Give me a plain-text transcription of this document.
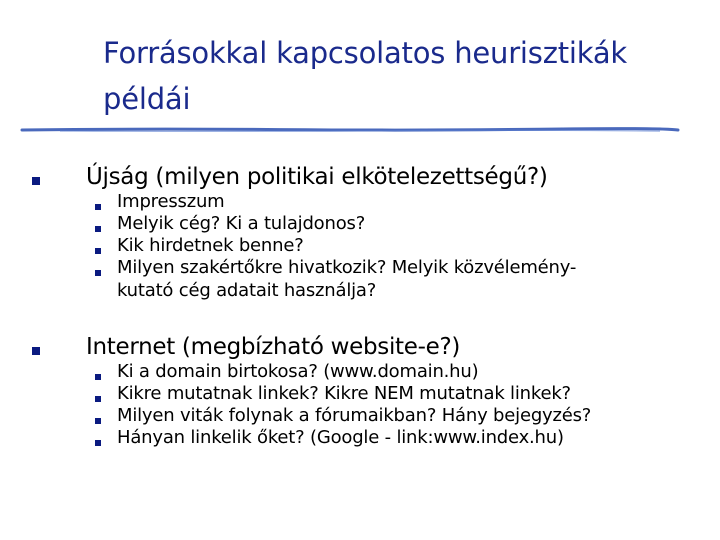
Forrásokkal kapcsolatos heurisztikák
példái
Újság (milyen politikai elkötelezettségű?)
Impresszum
Melyik cég? Ki a tulajdonos?
Kik hirdetnek benne?
Milyen szakértőkre hivatkozik? Melyik közvélemény-
kutató cég adatait használja?
Internet (megbízható website-e?)
Ki a domain birtokosa? (www.domain.hu)
Kikre mutatnak linkek? Kikre NEM mutatnak linkek?
Milyen viták folynak a fórumaikban? Hány bejegyzés?
Hányan linkelik őket? (Google - link:www.index.hu)
